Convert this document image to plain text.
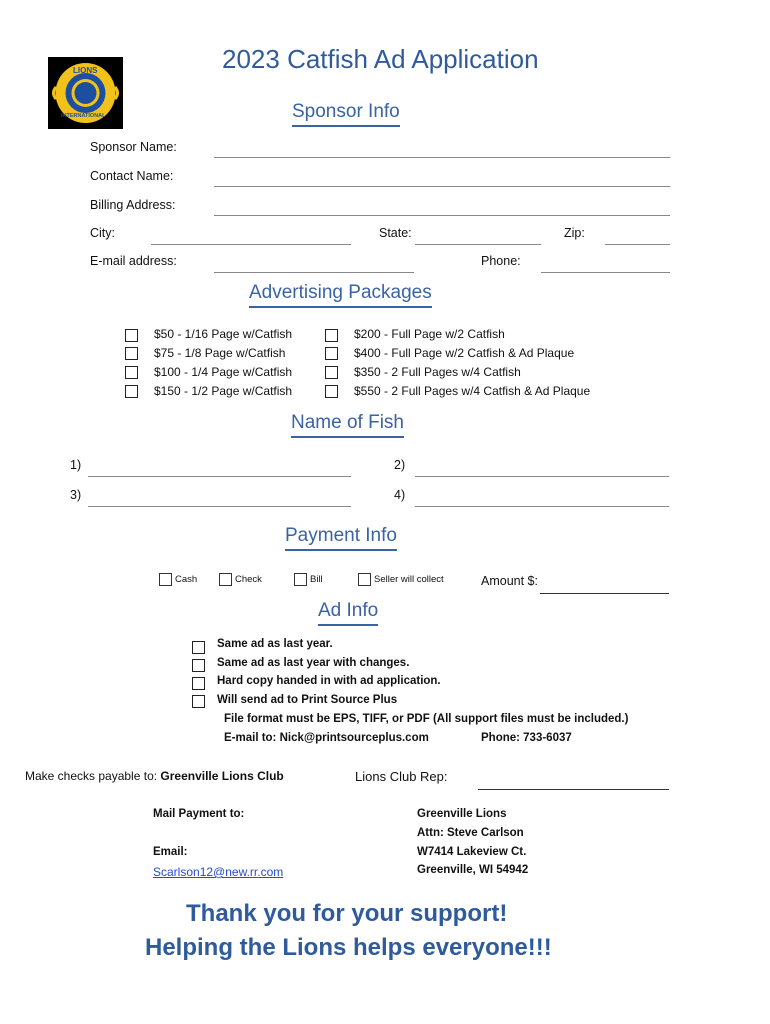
LIONS
INTERNATIONAL
L
2023 Catfish Ad Application
Sponsor Info
Sponsor Name:
Contact Name:
Billing Address:
City:	State:	Zip:
E-mail address:	Phone:
Advertising Packages
$50 - 1/16 Page w/Catfish
$75 - 1/8 Page w/Catfish
$100 - 1/4 Page w/Catfish
$150 - 1/2 Page w/Catfish
$200 - Full Page w/2 Catfish
$400 - Full Page w/2 Catfish & Ad Plaque
$350 - 2 Full Pages w/4 Catfish
$550 - 2 Full Pages w/4 Catfish & Ad Plaque
Name of Fish
1)	2)
3)	4)
Payment Info
Cash	Check	Bill	Seller will collect	Amount $:
Ad Info
Same ad as last year.
Same ad as last year with changes.
Hard copy handed in with ad application.
Will send ad to Print Source Plus
File format must be EPS, TIFF, or PDF (All support files must be included.)
E-mail to: Nick@printsourceplus.com	Phone: 733-6037
Make checks payable to: Greenville Lions Club	Lions Club Rep:
Mail Payment to:
Email:
Scarlson12@new.rr.com
Greenville Lions
Attn: Steve Carlson
W7414 Lakeview Ct.
Greenville, WI 54942
Thank you for your support!
Helping the Lions helps everyone!!!
